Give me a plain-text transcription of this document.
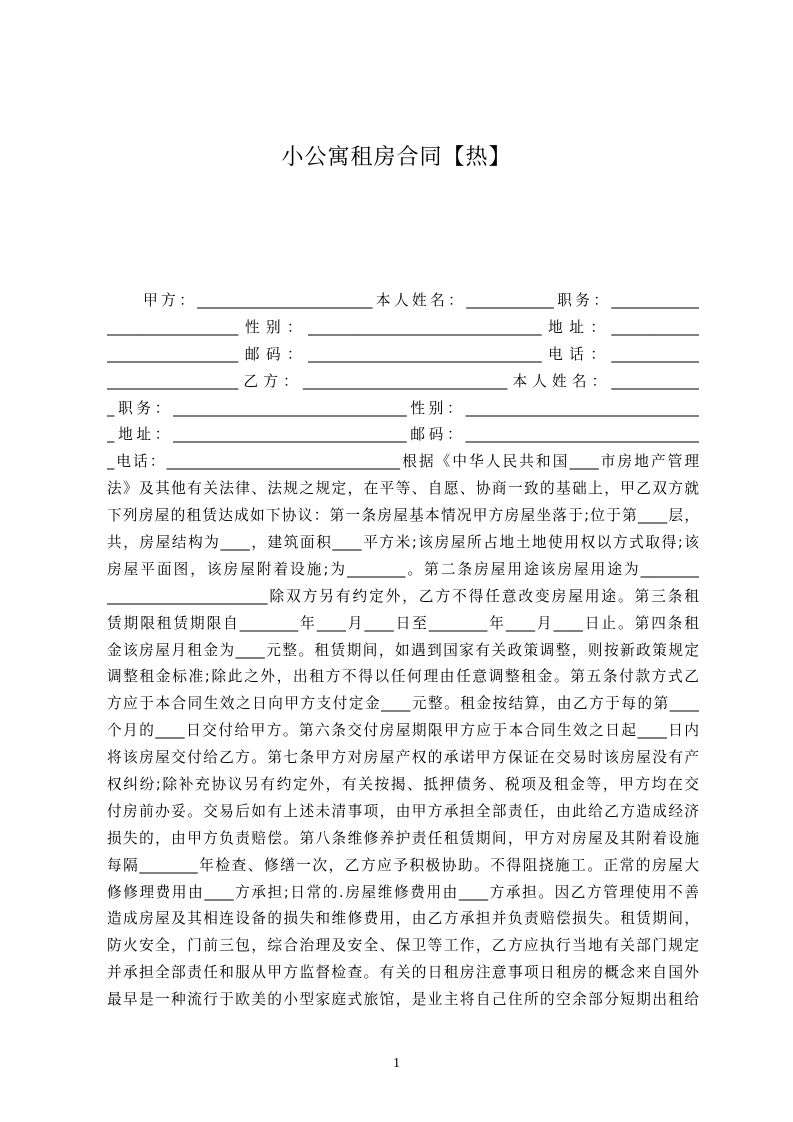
小公寓租房合同【热】
　　甲方：________________________本人姓名：____________职务：____________
__________________性别：________________________________地址：____________
__________________邮码：________________________________电话：____________
__________________乙方：____________________________本人姓名：____________
_职务：________________________________性别：________________________________
_地址：________________________________邮码：________________________________
_电话：________________________________根据《中华人民共和国____市房地产管理
法》及其他有关法律、法规之规定，在平等、自愿、协商一致的基础上，甲乙双方就
下列房屋的租赁达成如下协议：第一条房屋基本情况甲方房屋坐落于;位于第____层，
共，房屋结构为____，建筑面积____平方米;该房屋所占地土地使用权以方式取得;该
房屋平面图，该房屋附着设施;为________。第二条房屋用途该房屋用途为________
______________________除双方另有约定外，乙方不得任意改变房屋用途。第三条租
赁期限租赁期限自________年____月____日至________年____月____日止。第四条租
金该房屋月租金为____元整。租赁期间，如遇到国家有关政策调整，则按新政策规定
调整租金标准;除此之外，出租方不得以任何理由任意调整租金。第五条付款方式乙
方应于本合同生效之日向甲方支付定金____元整。租金按结算，由乙方于每的第____
个月的____日交付给甲方。第六条交付房屋期限甲方应于本合同生效之日起____日内
将该房屋交付给乙方。第七条甲方对房屋产权的承诺甲方保证在交易时该房屋没有产
权纠纷;除补充协议另有约定外，有关按揭、抵押债务、税项及租金等，甲方均在交
付房前办妥。交易后如有上述未清事项，由甲方承担全部责任，由此给乙方造成经济
损失的，由甲方负责赔偿。第八条维修养护责任租赁期间，甲方对房屋及其附着设施
每隔________年检查、修缮一次，乙方应予积极协助。不得阻挠施工。正常的房屋大
修修理费用由____方承担;日常的.房屋维修费用由____方承担。因乙方管理使用不善
造成房屋及其相连设备的损失和维修费用，由乙方承担并负责赔偿损失。租赁期间，
防火安全，门前三包，综合治理及安全、保卫等工作，乙方应执行当地有关部门规定
并承担全部责任和服从甲方监督检查。有关的日租房注意事项日租房的概念来自国外
最早是一种流行于欧美的小型家庭式旅馆，是业主将自己住所的空余部分短期出租给
1
